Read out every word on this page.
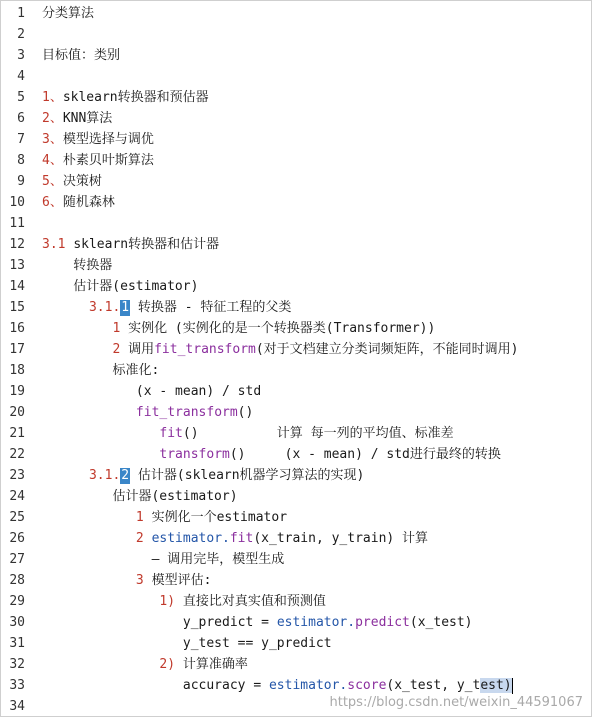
1 分类算法
2
3 目标值：类别
4
5 1、sklearn转换器和预估器
6 2、KNN算法
7 3、模型选择与调优
8 4、朴素贝叶斯算法
9 5、决策树
10 6、随机森林
11
12 3.1 sklearn转换器和估计器
13 转换器
14 估计器(estimator)
15 3.1.1 转换器 - 特征工程的父类
16 1 实例化 (实例化的是一个转换器类(Transformer))
17 2 调用fit_transform(对于文档建立分类词频矩阵，不能同时调用)
18 标准化:
19 (x - mean) / std
20	fit_transform()
21	fit()          计算 每一列的平均值、标准差
22	transform()     (x - mean) / std进行最终的转换
23 3.1.2 估计器(sklearn机器学习算法的实现)
24 估计器(estimator)
25 1 实例化一个estimator
26 2 estimator.fit(x_train, y_train) 计算
27 — 调用完毕，模型生成
28 3 模型评估:
29 1) 直接比对真实值和预测值
30 y_predict = estimator.predict(x_test)
31 y_test == y_predict
32 2) 计算准确率
33 accuracy = estimator.score(x_test, y_test)
34	https://blog.csdn.net/weixin_44591067
